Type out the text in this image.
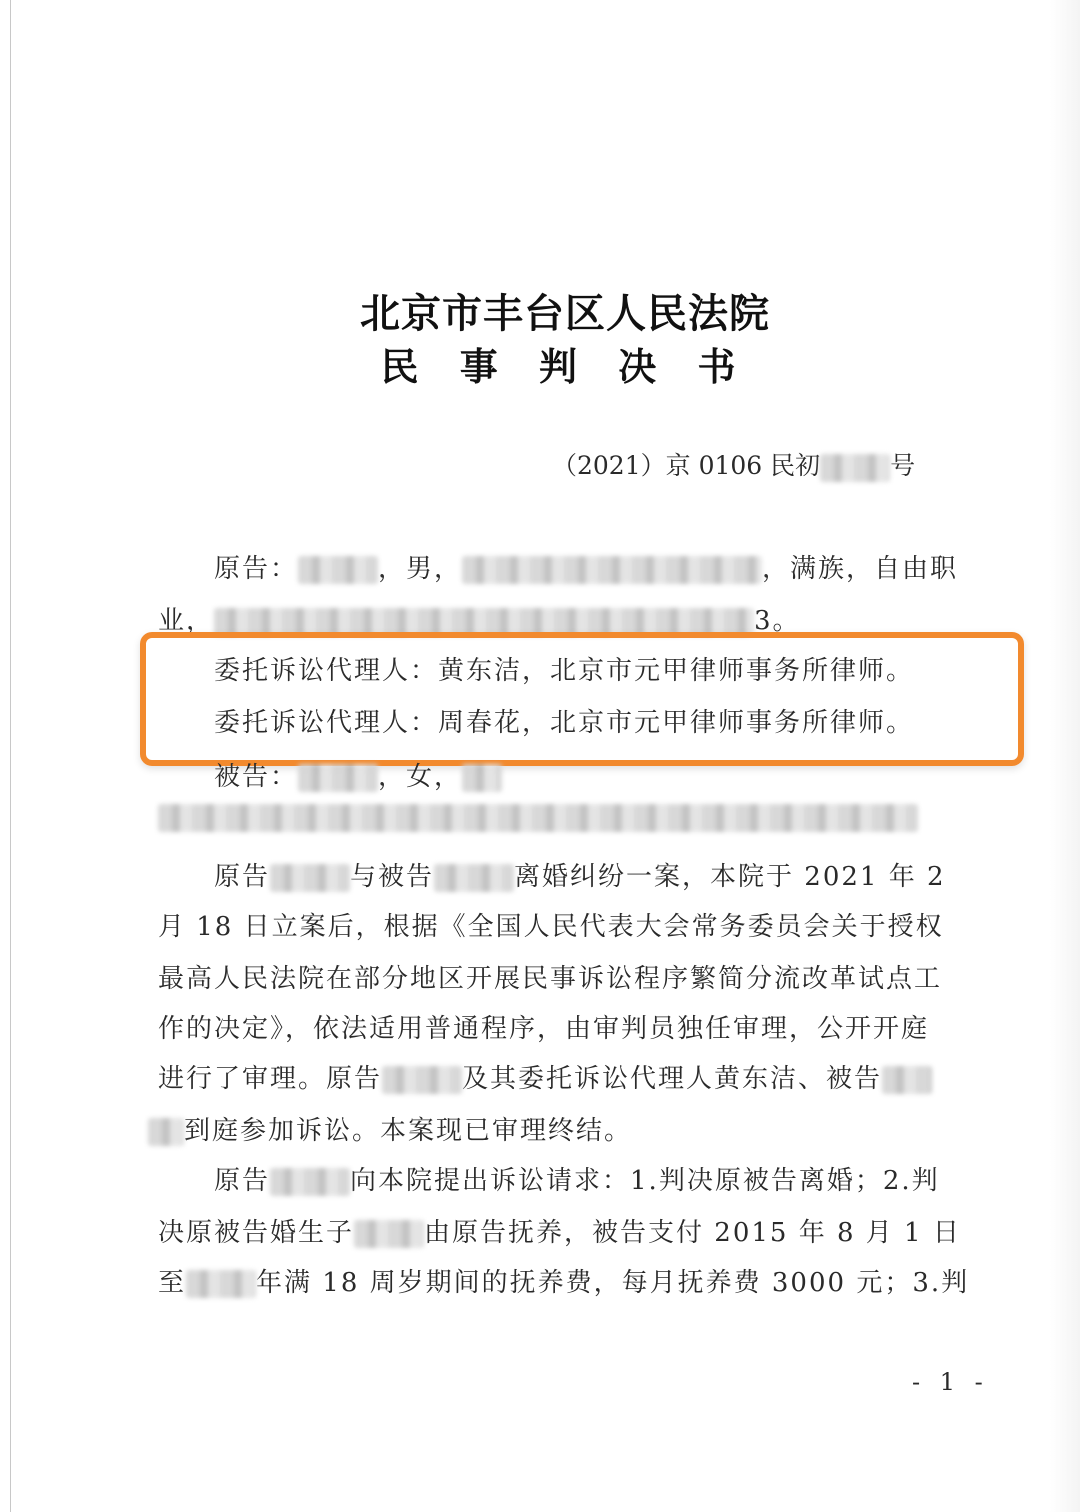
北京市丰台区人民法院
民 事 判 决 书
（2021）京 0106 民初	号
原告：	，男，	，满族，自由职
业，	3。
委托诉讼代理人：黄东洁，北京市元甲律师事务所律师。
委托诉讼代理人：周春花，北京市元甲律师事务所律师。
被告：	，女，
原告	与被告	离婚纠纷一案，本院于 2021 年 2
月 18 日立案后，根据《全国人民代表大会常务委员会关于授权
最高人民法院在部分地区开展民事诉讼程序繁简分流改革试点工
作的决定》，依法适用普通程序，由审判员独任审理，公开开庭
进行了审理。原告	及其委托诉讼代理人黄东洁、被告
到庭参加诉讼。本案现已审理终结。
原告	向本院提出诉讼请求：1.判决原被告离婚；2.判
决原被告婚生子	由原告抚养，被告支付 2015 年 8 月 1 日
至	年满 18 周岁期间的抚养费，每月抚养费 3000 元；3.判
- 1 -
